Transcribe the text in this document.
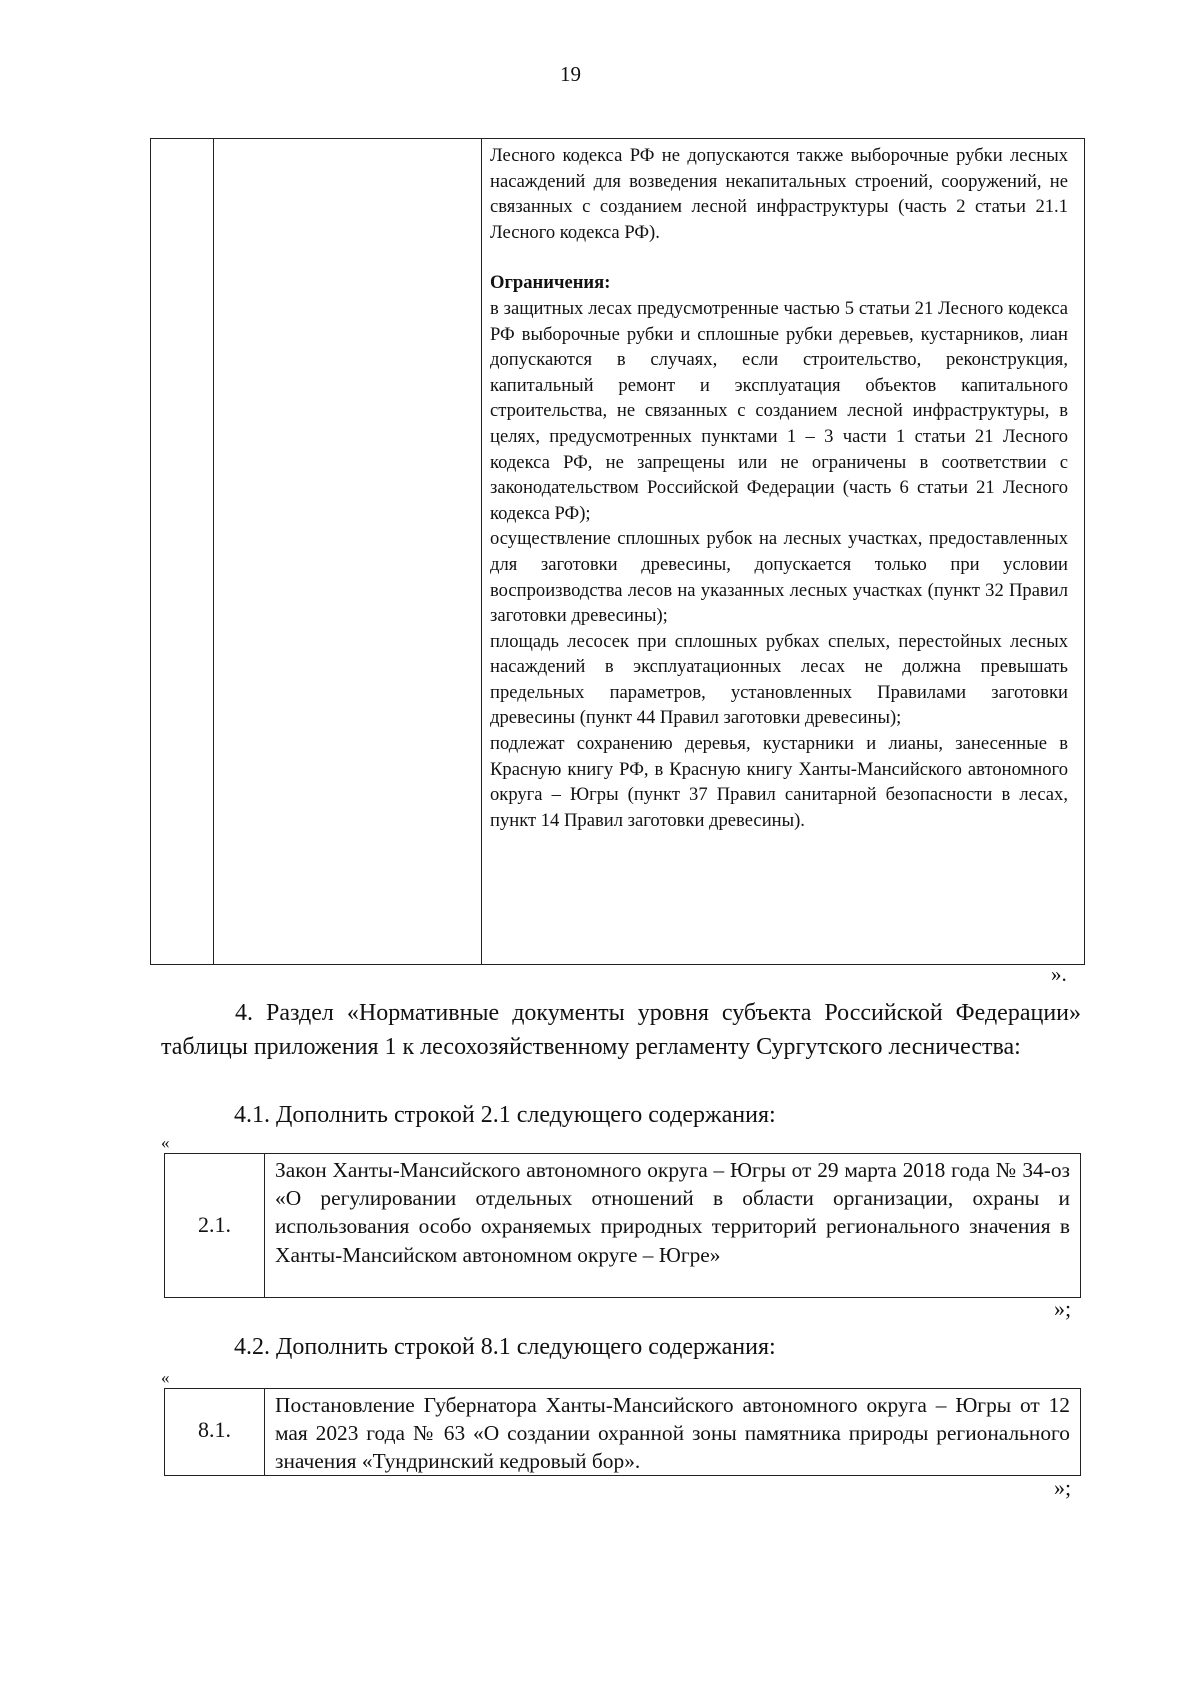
19

Лесного кодекса РФ не допускаются также выборочные рубки лесных насаждений для возведения некапитальных строений, сооружений, не связанных с созданием лесной инфраструктуры (часть 2 статьи 21.1 Лесного кодекса РФ).

Ограничения:

в защитных лесах предусмотренные частью 5 статьи 21 Лесного кодекса РФ выборочные рубки и сплошные рубки деревьев, кустарников, лиан допускаются в случаях, если строительство, реконструкция, капитальный ремонт и эксплуатация объектов капитального строительства, не связанных с созданием лесной инфраструктуры, в целях, предусмотренных пунктами 1 – 3 части 1 статьи 21 Лесного кодекса РФ, не запрещены или не ограничены в соответствии с законодательством Российской Федерации (часть 6 статьи 21 Лесного кодекса РФ);

осуществление сплошных рубок на лесных участках, предоставленных для заготовки древесины, допускается только при условии воспроизводства лесов на указанных лесных участках (пункт 32 Правил заготовки древесины);

площадь лесосек при сплошных рубках спелых, перестойных лесных насаждений в эксплуатационных лесах не должна превышать предельных параметров, установленных Правилами заготовки древесины (пункт 44 Правил заготовки древесины);

подлежат сохранению деревья, кустарники и лианы, занесенные в Красную книгу РФ, в Красную книгу Ханты-Мансийского автономного округа – Югры (пункт 37 Правил санитарной безопасности в лесах, пункт 14 Правил заготовки древесины).

».
4. Раздел «Нормативные документы уровня субъекта Российской Федерации» таблицы приложения 1 к лесохозяйственному регламенту Сургутского лесничества:
4.1. Дополнить строкой 2.1 следующего содержания:
«
2.1.
Закон Ханты-Мансийского автономного округа – Югры от 29 марта 2018 года № 34-оз «О регулировании отдельных отношений в области организации, охраны и использования особо охраняемых природных территорий регионального значения в Ханты-Мансийском автономном округе – Югре»
»;
4.2. Дополнить строкой 8.1 следующего содержания:
«
8.1.
Постановление Губернатора Ханты-Мансийского автономного округа – Югры от 12 мая 2023 года № 63 «О создании охранной зоны памятника природы регионального значения «Тундринский кедровый бор».
»;
